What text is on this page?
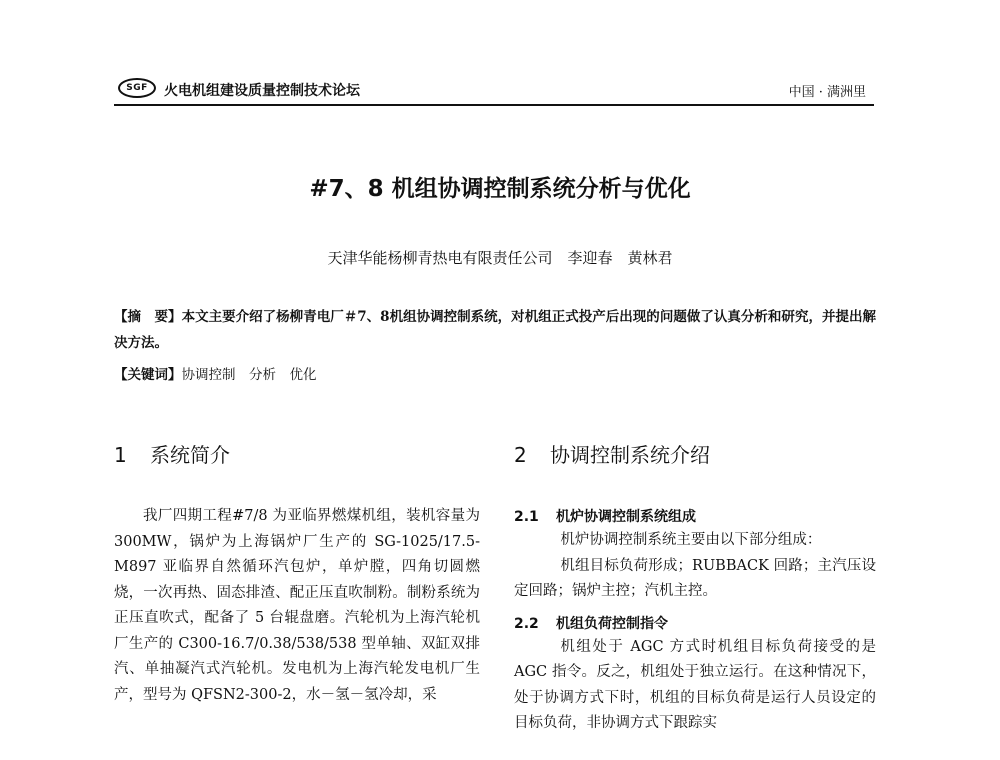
SGF 火电机组建设质量控制技术论坛	中国 · 满洲里
#7、8 机组协调控制系统分析与优化
天津华能杨柳青热电有限责任公司　李迎春　黄林君
【摘　要】本文主要介绍了杨柳青电厂＃7、8机组协调控制系统，对机组正式投产后出现的问题做了认真分析和研究，并提出解决方法。
【关键词】协调控制　分析　优化
1 系统简介
我厂四期工程#7/8 为亚临界燃煤机组，装机容量为 300MW，锅炉为上海锅炉厂生产的 SG-1025/17.5-M897 亚临界自然循环汽包炉，单炉膛，四角切圆燃烧，一次再热、固态排渣、配正压直吹制粉。制粉系统为正压直吹式，配备了 5 台辊盘磨。汽轮机为上海汽轮机厂生产的 C300-16.7/0.38/538/538 型单轴、双缸双排汽、单抽凝汽式汽轮机。发电机为上海汽轮发电机厂生产，型号为 QFSN2-300-2，水－氢－氢冷却，采
2 协调控制系统介绍
2.1 机炉协调控制系统组成
机炉协调控制系统主要由以下部分组成：
机组目标负荷形成；RUBBACK 回路；主汽压设定回路；锅炉主控；汽机主控。
2.2 机组负荷控制指令
机组处于 AGC 方式时机组目标负荷接受的是 AGC 指令。反之，机组处于独立运行。在这种情况下，处于协调方式下时，机组的目标负荷是运行人员设定的目标负荷，非协调方式下跟踪实
